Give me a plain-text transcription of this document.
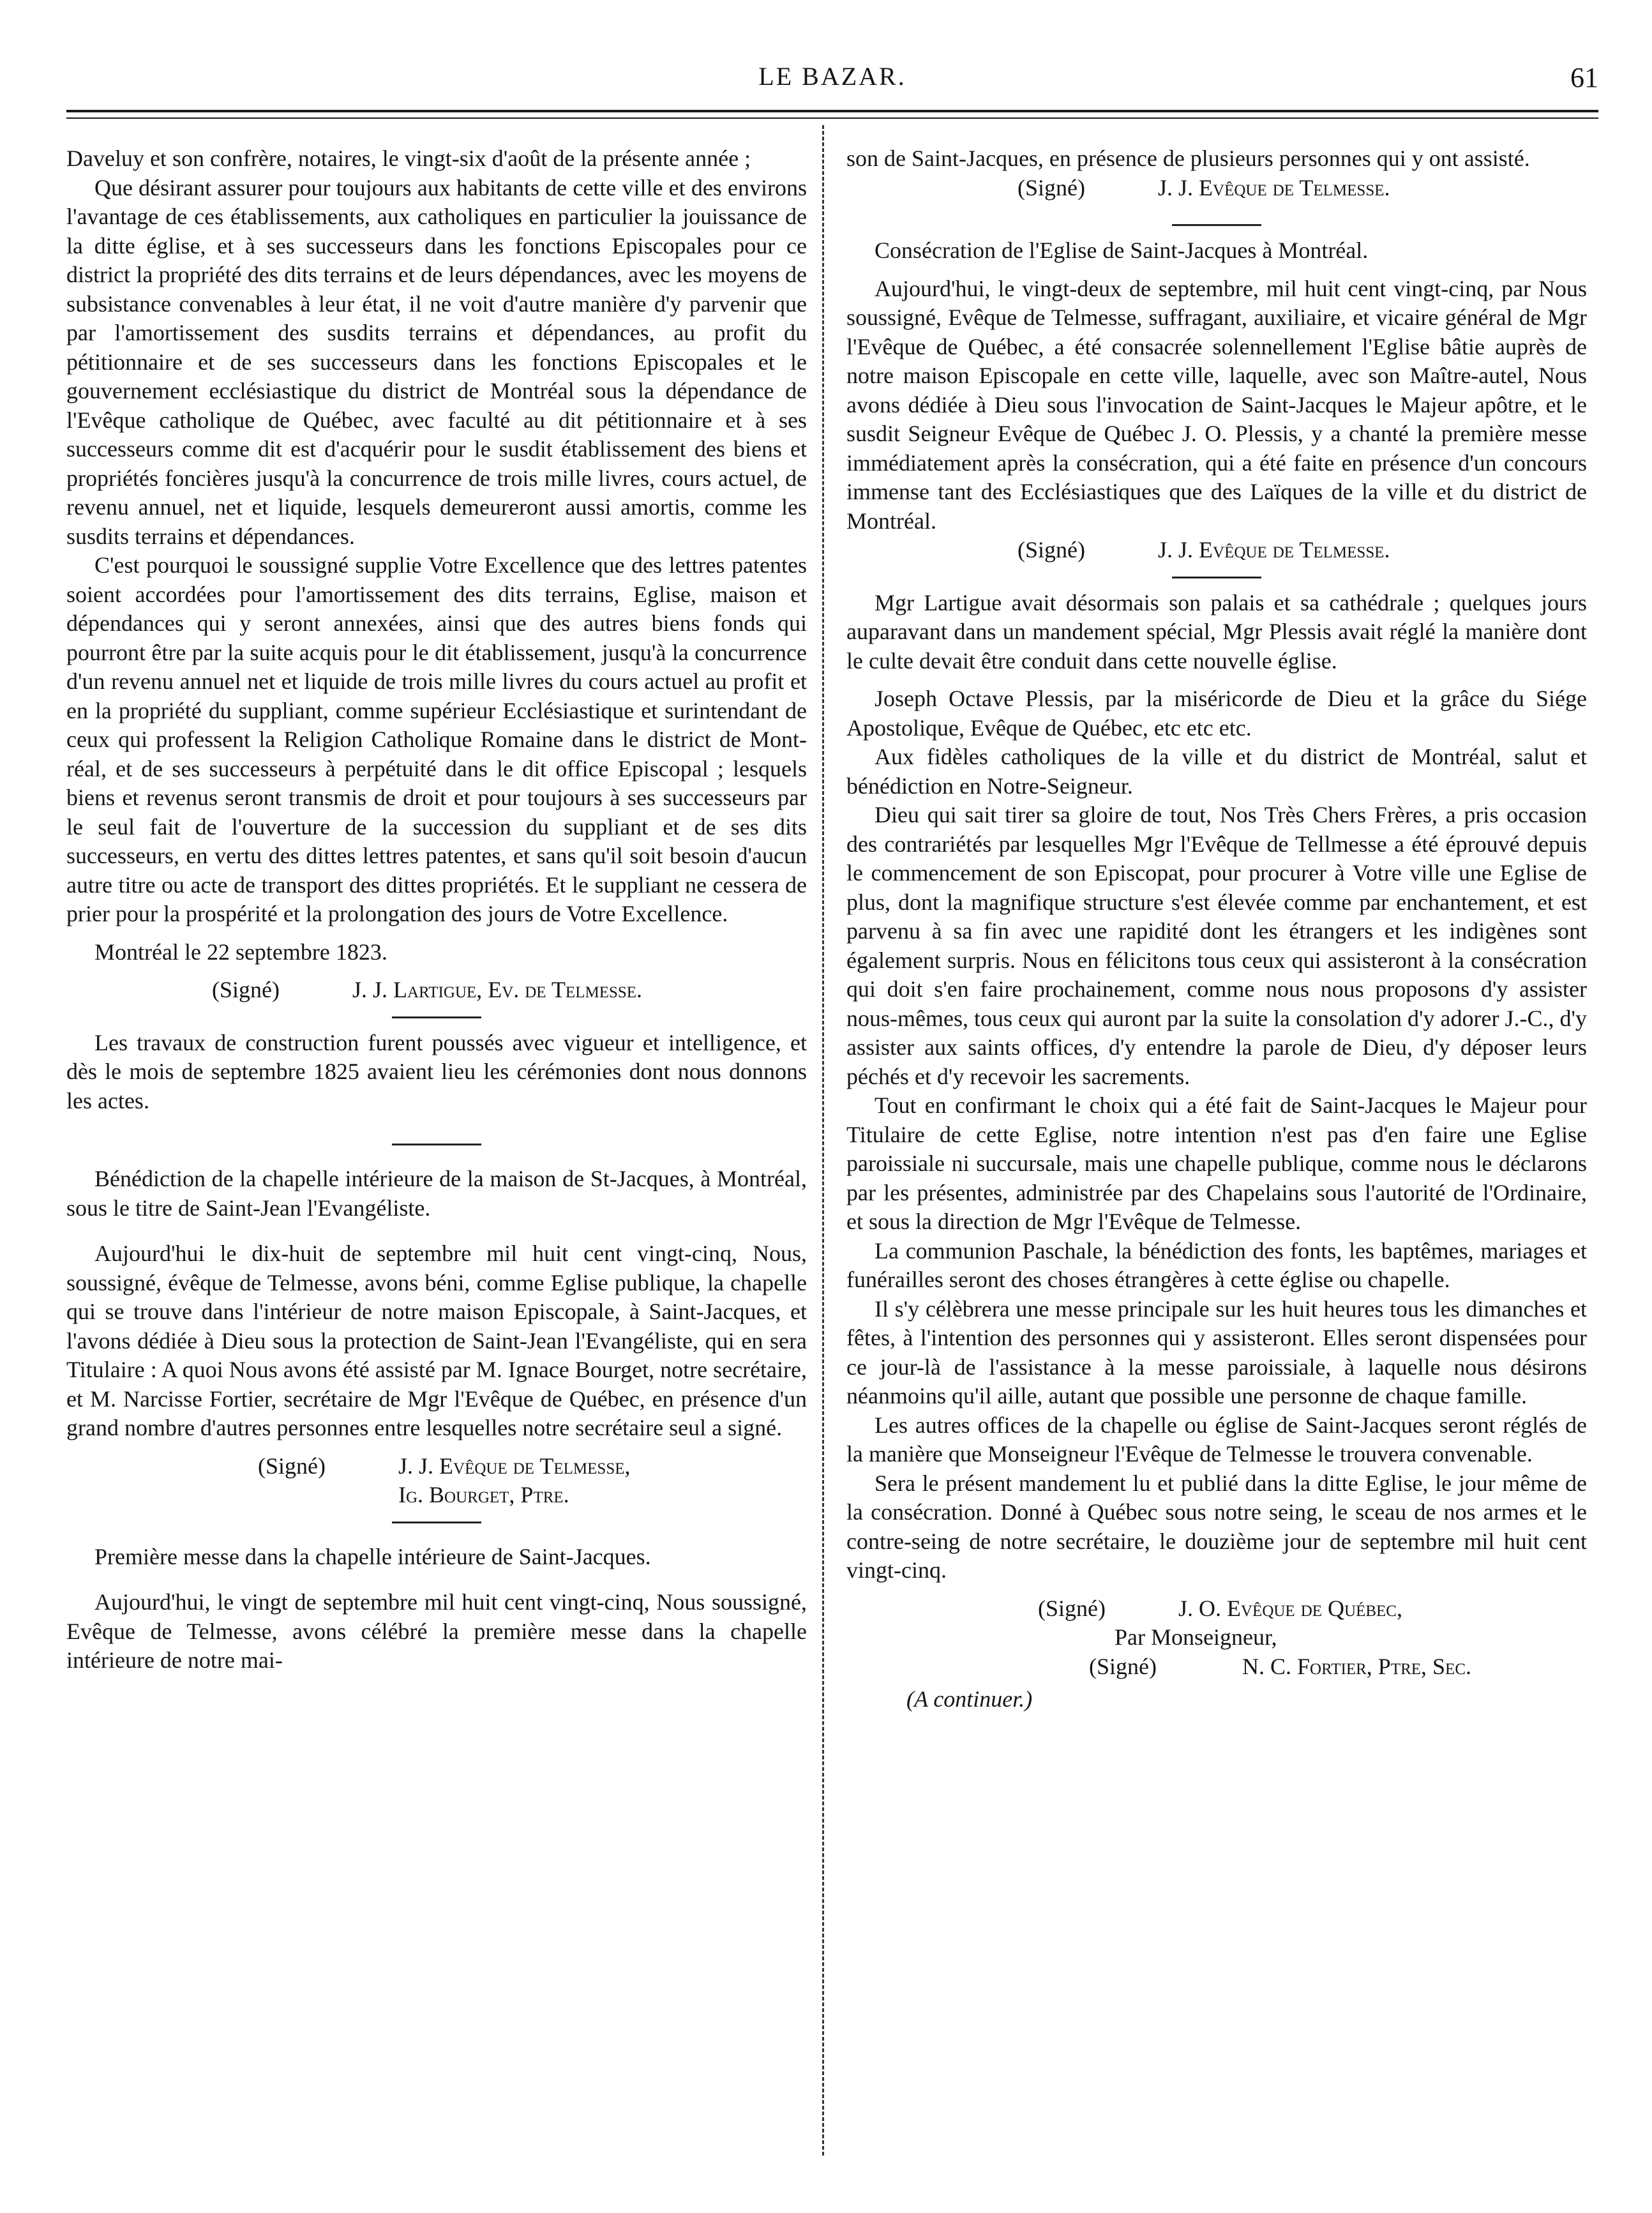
LE BAZAR.	61

Daveluy et son confrère, notaires, le vingt-six d'août de la présente année ;

Que désirant assurer pour toujours aux habitants de cette ville et des environs l'avantage de ces établissements, aux catholiques en particulier la jouissance de la ditte église, et à ses successeurs dans les fonctions Episcopales pour ce district la propriété des dits terrains et de leurs dépendances, avec les moyens de subsistance convenables à leur état, il ne voit d'autre manière d'y parvenir que par l'amortissement des susdits terrains et dépendances, au profit du pétitionnaire et de ses successeurs dans les fonctions Episcopales et le gouvernement ecclésiastique du district de Montréal sous la dépendance de l'Evêque catholique de Québec, avec faculté au dit pétitionnaire et à ses successeurs comme dit est d'acquérir pour le susdit établissement des biens et propriétés foncières jusqu'à la concurrence de trois mille livres, cours actuel, de revenu annuel, net et liquide, lesquels demeureront aussi amortis, comme les susdits terrains et dépendances.

C'est pourquoi le soussigné supplie Votre Excellence que des lettres patentes soient accordées pour l'amortissement des dits terrains, Eglise, maison et dépendances qui y seront annexées, ainsi que des autres biens fonds qui pourront être par la suite acquis pour le dit établissement, jusqu'à la concurrence d'un revenu annuel net et liquide de trois mille livres du cours actuel au profit et en la propriété du suppliant, comme supérieur Ecclésiastique et surintendant de ceux qui professent la Religion Catholique Romaine dans le district de Mont-réal, et de ses successeurs à perpétuité dans le dit office Episcopal ; lesquels biens et revenus seront transmis de droit et pour toujours à ses successeurs par le seul fait de l'ouverture de la succession du suppliant et de ses dits successeurs, en vertu des dittes lettres patentes, et sans qu'il soit besoin d'aucun autre titre ou acte de transport des dittes propriétés. Et le suppliant ne cessera de prier pour la prospérité et la prolongation des jours de Votre Excellence.

Montréal le 22 septembre 1823.

(Signé)	J. J. Lartigue, Ev. de Telmesse.

Les travaux de construction furent poussés avec vigueur et intelligence, et dès le mois de septembre 1825 avaient lieu les cérémonies dont nous donnons les actes.

Bénédiction de la chapelle intérieure de la maison de St-Jacques, à Montréal, sous le titre de Saint-Jean l'Evangéliste.

Aujourd'hui le dix-huit de septembre mil huit cent vingt-cinq, Nous, soussigné, évêque de Telmesse, avons béni, comme Eglise publique, la chapelle qui se trouve dans l'intérieur de notre maison Episcopale, à Saint-Jacques, et l'avons dédiée à Dieu sous la protection de Saint-Jean l'Evangéliste, qui en sera Titulaire : A quoi Nous avons été assisté par M. Ignace Bourget, notre secrétaire, et M. Narcisse Fortier, secrétaire de Mgr l'Evêque de Québec, en présence d'un grand nombre d'autres personnes entre lesquelles notre secrétaire seul a signé.

(Signé)	J. J. Evêque de Telmesse,

Ig. Bourget, Ptre.

Première messe dans la chapelle intérieure de Saint-Jacques.

Aujourd'hui, le vingt de septembre mil huit cent vingt-cinq, Nous soussigné, Evêque de Telmesse, avons célébré la première messe dans la chapelle intérieure de notre mai-

son de Saint-Jacques, en présence de plusieurs personnes qui y ont assisté.

(Signé)	J. J. Evêque de Telmesse.

Consécration de l'Eglise de Saint-Jacques à Montréal.

Aujourd'hui, le vingt-deux de septembre, mil huit cent vingt-cinq, par Nous soussigné, Evêque de Telmesse, suffragant, auxiliaire, et vicaire général de Mgr l'Evêque de Québec, a été consacrée solennellement l'Eglise bâtie auprès de notre maison Episcopale en cette ville, laquelle, avec son Maître-autel, Nous avons dédiée à Dieu sous l'invocation de Saint-Jacques le Majeur apôtre, et le susdit Seigneur Evêque de Québec J. O. Plessis, y a chanté la première messe immédiatement après la consécration, qui a été faite en présence d'un concours immense tant des Ecclésiastiques que des Laïques de la ville et du district de Montréal.

(Signé)	J. J. Evêque de Telmesse.

Mgr Lartigue avait désormais son palais et sa cathédrale ; quelques jours auparavant dans un mandement spécial, Mgr Plessis avait réglé la manière dont le culte devait être conduit dans cette nouvelle église.

Joseph Octave Plessis, par la miséricorde de Dieu et la grâce du Siége Apostolique, Evêque de Québec, etc etc etc.

Aux fidèles catholiques de la ville et du district de Montréal, salut et bénédiction en Notre-Seigneur.

Dieu qui sait tirer sa gloire de tout, Nos Très Chers Frères, a pris occasion des contrariétés par lesquelles Mgr l'Evêque de Tellmesse a été éprouvé depuis le commencement de son Episcopat, pour procurer à Votre ville une Eglise de plus, dont la magnifique structure s'est élevée comme par enchantement, et est parvenu à sa fin avec une rapidité dont les étrangers et les indigènes sont également surpris. Nous en félicitons tous ceux qui assisteront à la consécration qui doit s'en faire prochainement, comme nous nous proposons d'y assister nous-mêmes, tous ceux qui auront par la suite la consolation d'y adorer J.-C., d'y assister aux saints offices, d'y entendre la parole de Dieu, d'y déposer leurs péchés et d'y recevoir les sacrements.

Tout en confirmant le choix qui a été fait de Saint-Jacques le Majeur pour Titulaire de cette Eglise, notre intention n'est pas d'en faire une Eglise paroissiale ni succursale, mais une chapelle publique, comme nous le déclarons par les présentes, administrée par des Chapelains sous l'autorité de l'Ordinaire, et sous la direction de Mgr l'Evêque de Telmesse.

La communion Paschale, la bénédiction des fonts, les baptêmes, mariages et funérailles seront des choses étrangères à cette église ou chapelle.

Il s'y célèbrera une messe principale sur les huit heures tous les dimanches et fêtes, à l'intention des personnes qui y assisteront. Elles seront dispensées pour ce jour-là de l'assistance à la messe paroissiale, à laquelle nous désirons néanmoins qu'il aille, autant que possible une personne de chaque famille.

Les autres offices de la chapelle ou église de Saint-Jacques seront réglés de la manière que Monseigneur l'Evêque de Telmesse le trouvera convenable.

Sera le présent mandement lu et publié dans la ditte Eglise, le jour même de la consécration. Donné à Québec sous notre seing, le sceau de nos armes et le contre-seing de notre secrétaire, le douzième jour de septembre mil huit cent vingt-cinq.

(Signé)	J. O. Evêque de Québec,

Par Monseigneur,

(Signé)	N. C. Fortier, Ptre, Sec.

(A continuer.)
